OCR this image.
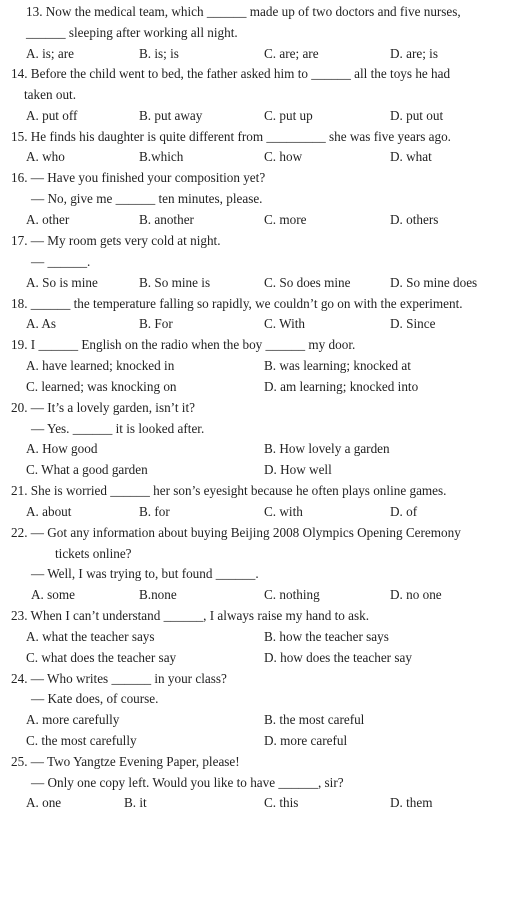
13. Now the medical team, which ______ made up of two doctors and five nurses,
______ sleeping after working all night.

A. is; are

	B. is; is

	C. are; are

	D. are; is

14. Before the child went to bed, the father asked him to ______ all the toys he had
taken out.

A. put off

	B. put away

	C. put up

	D. put out

15. He finds his daughter is quite different from _________ she was five years ago.

A. who

	B.which

	C. how

	D. what

16. — Have you finished your composition yet?
— No, give me ______ ten minutes, please.

A. other

	B. another

	C. more

	D. others

17. — My room gets very cold at night.
— ______.

A. So is mine

	B. So mine is

	C. So does mine

	D. So mine does

18. ______ the temperature falling so rapidly, we couldn’t go on with the experiment.

A. As

	B. For

	C. With

	D. Since

19. I ______ English on the radio when the boy ______ my door.

A. have learned; knocked in

	B. was learning; knocked at

C. learned; was knocking on

	D. am learning; knocked into

20. — It’s a lovely garden, isn’t it?
— Yes. ______ it is looked after.

A. How good

	B. How lovely a garden

C. What a good garden

	D. How well

21. She is worried ______ her son’s eyesight because he often plays online games.

A. about

	B. for

	C. with

	D. of

22. — Got any information about buying Beijing 2008 Olympics Opening Ceremony
tickets online?
— Well, I was trying to, but found ______.

A. some

	B.none

	C. nothing

	D. no one

23. When I can’t understand ______, I always raise my hand to ask.

A. what the teacher says

	B. how the teacher says

C. what does the teacher say

	D. how does the teacher say

24. — Who writes ______ in your class?
— Kate does, of course.

A. more carefully

	B. the most careful

C. the most carefully

	D. more careful

25. — Two Yangtze Evening Paper, please!
— Only one copy left. Would you like to have ______, sir?

A. one

	B. it

	C. this

	D. them
